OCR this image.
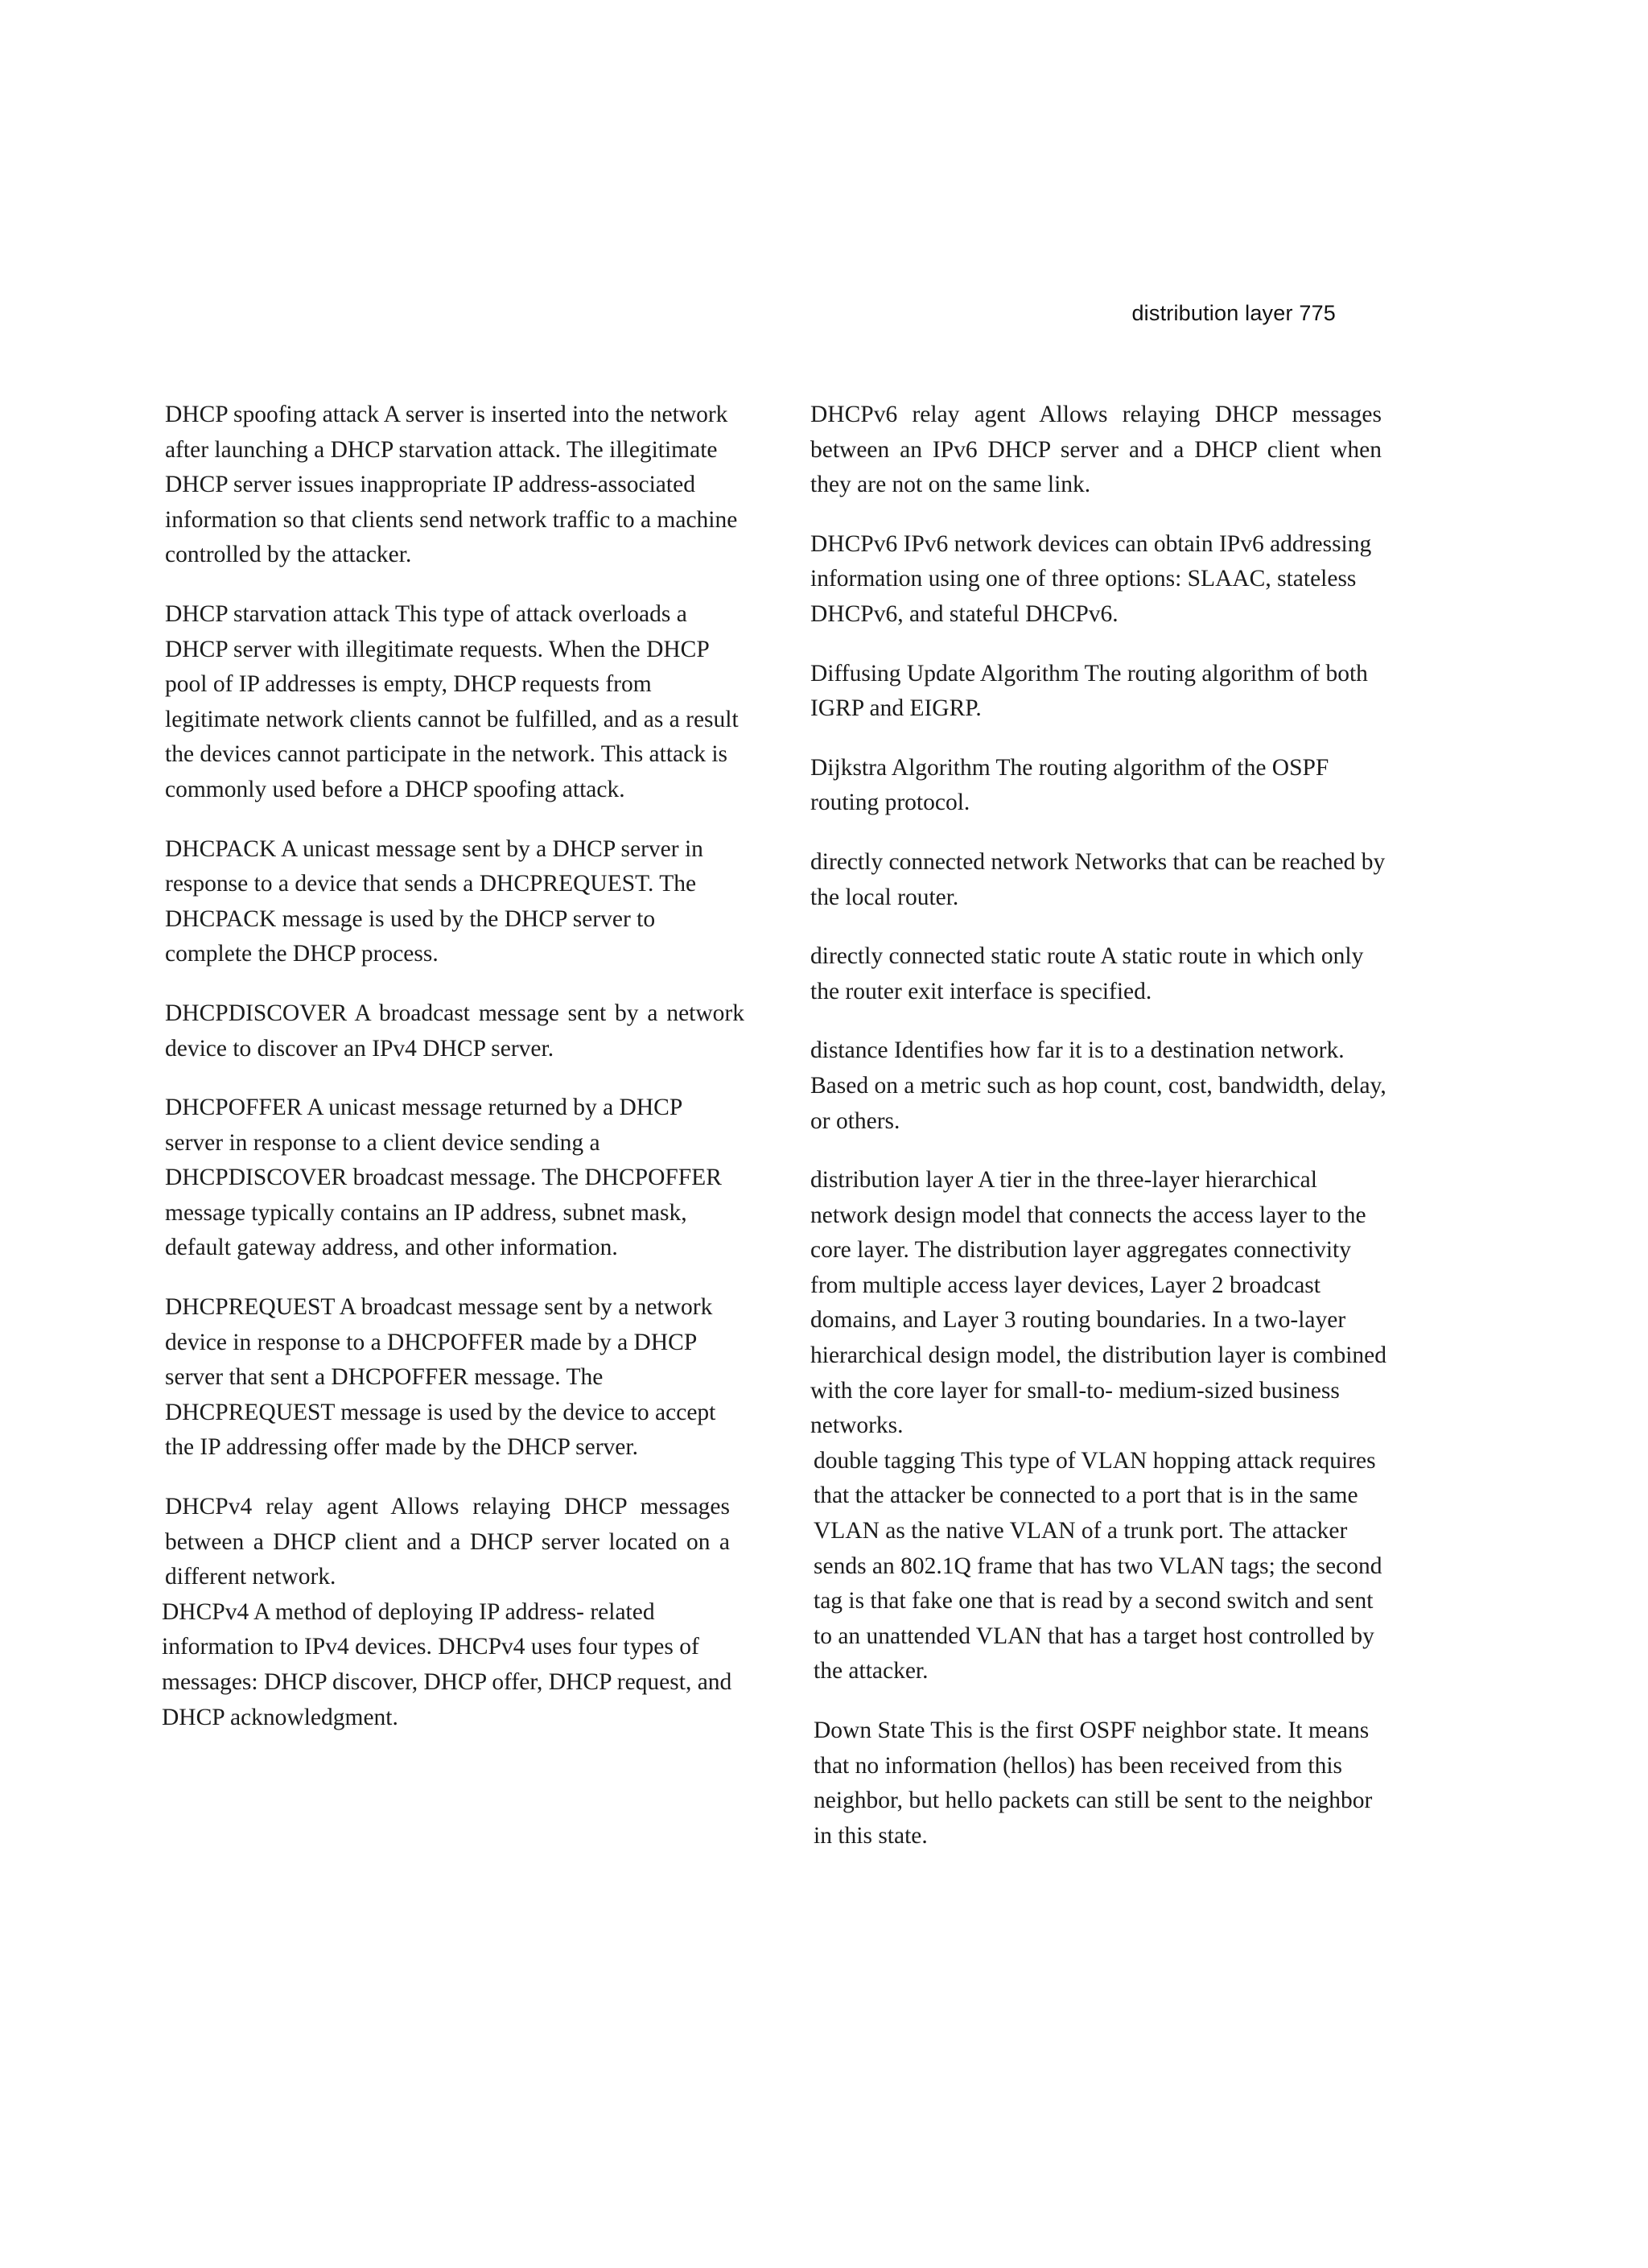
distribution layer 775

DHCP spoofing attack A server is inserted into the network after launching a DHCP starvation attack. The illegitimate DHCP server issues inappropriate IP address-associated information so that clients send network traffic to a machine controlled by the attacker.

DHCP starvation attack This type of attack overloads a DHCP server with illegitimate requests. When the DHCP pool of IP addresses is empty, DHCP requests from legitimate network clients cannot be fulfilled, and as a result the devices cannot participate in the network. This attack is commonly used before a DHCP spoofing attack.

DHCPACK A unicast message sent by a DHCP server in response to a device that sends a DHCPREQUEST. The DHCPACK message is used by the DHCP server to complete the DHCP process.

DHCPDISCOVER A broadcast message sent by a network device to discover an IPv4 DHCP server.

DHCPOFFER A unicast message returned by a DHCP server in response to a client device sending a DHCPDISCOVER broadcast message. The DHCPOFFER message typically contains an IP address, subnet mask, default gateway address, and other information.

DHCPREQUEST A broadcast message sent by a network device in response to a DHCPOFFER made by a DHCP server that sent a DHCPOFFER message. The DHCPREQUEST message is used by the device to accept the IP addressing offer made by the DHCP server.

DHCPv4 relay agent Allows relaying DHCP messages between a DHCP client and a DHCP server located on a different network.

DHCPv4 A method of deploying IP address- related information to IPv4 devices. DHCPv4 uses four types of messages: DHCP discover, DHCP offer, DHCP request, and DHCP acknowledgment.

DHCPv6 relay agent Allows relaying DHCP messages between an IPv6 DHCP server and a DHCP client when they are not on the same link.

DHCPv6 IPv6 network devices can obtain IPv6 addressing information using one of three options: SLAAC, stateless DHCPv6, and stateful DHCPv6.

Diffusing Update Algorithm The routing algorithm of both IGRP and EIGRP.

Dijkstra Algorithm The routing algorithm of the OSPF routing protocol.

directly connected network Networks that can be reached by the local router.

directly connected static route A static route in which only the router exit interface is specified.

distance Identifies how far it is to a destination network. Based on a metric such as hop count, cost, bandwidth, delay, or others.

distribution layer A tier in the three-layer hierarchical network design model that connects the access layer to the core layer. The distribution layer aggregates connectivity from multiple access layer devices, Layer 2 broadcast domains, and Layer 3 routing boundaries. In a two-layer hierarchical design model, the distribution layer is combined with the core layer for small-to- medium-sized business networks.

double tagging This type of VLAN hopping attack requires that the attacker be connected to a port that is in the same VLAN as the native VLAN of a trunk port. The attacker sends an 802.1Q frame that has two VLAN tags; the second tag is that fake one that is read by a second switch and sent to an unattended VLAN that has a target host controlled by the attacker.

Down State This is the first OSPF neighbor state. It means that no information (hellos) has been received from this neighbor, but hello packets can still be sent to the neighbor in this state.
